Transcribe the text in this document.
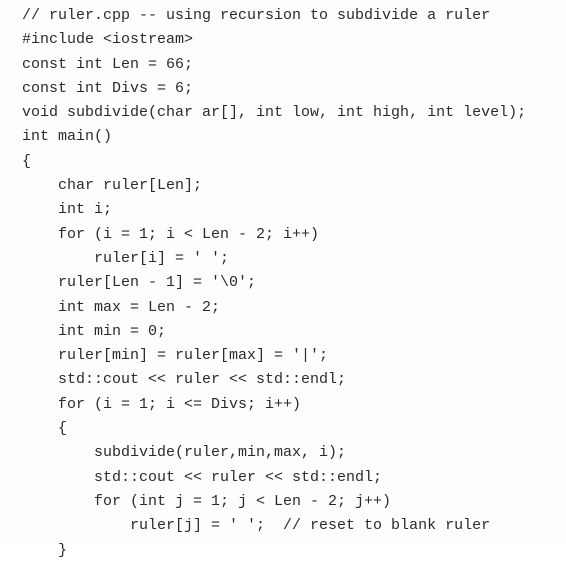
// ruler.cpp -- using recursion to subdivide a ruler
#include <iostream>
const int Len = 66;
const int Divs = 6;
void subdivide(char ar[], int low, int high, int level);
int main()
{
char ruler[Len];
int i;
for (i = 1; i < Len - 2; i++)
ruler[i] = ' ';
ruler[Len - 1] = '\0';
int max = Len - 2;
int min = 0;
ruler[min] = ruler[max] = '|';
std::cout << ruler << std::endl;
for (i = 1; i <= Divs; i++)
{
subdivide(ruler,min,max, i);
std::cout << ruler << std::endl;
for (int j = 1; j < Len - 2; j++)
ruler[j] = ' ';  // reset to blank ruler
}
